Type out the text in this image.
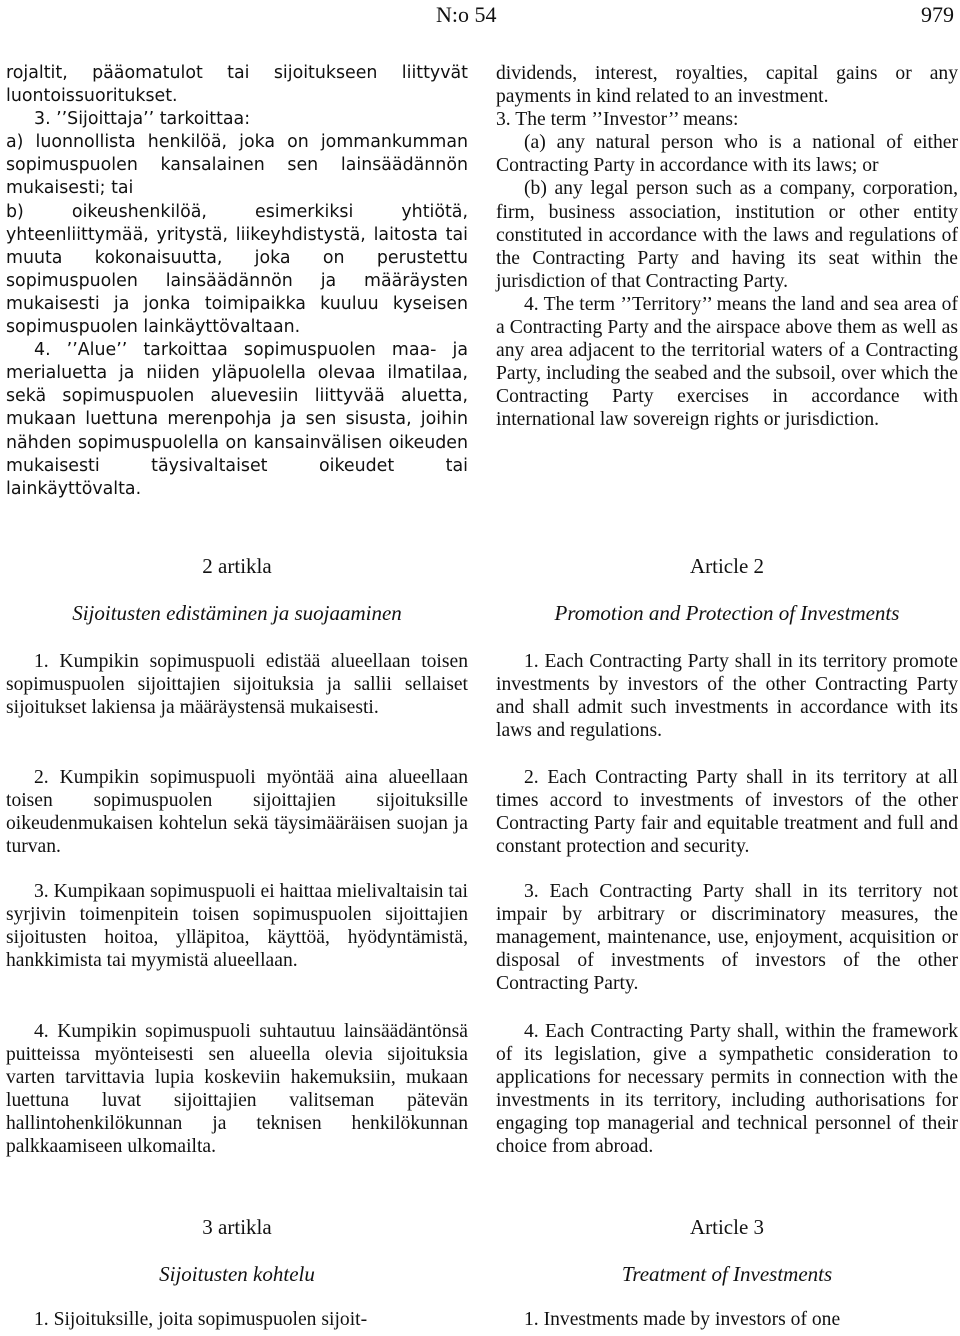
N:o 54	979

rojaltit, pääomatulot tai sijoitukseen liittyvät luontoissuoritukset.

3. ’’Sijoittaja’’ tarkoittaa:

a) luonnollista henkilöä, joka on jommankumman sopimuspuolen kansalainen sen lainsäädännön mukaisesti; tai

b) oikeushenkilöä, esimerkiksi yhtiötä, yhteenliittymää, yritystä, liikeyhdistystä, laitosta tai muuta kokonaisuutta, joka on perustettu sopimuspuolen lainsäädännön ja määräysten mukaisesti ja jonka toimipaikka kuuluu kyseisen sopimuspuolen lainkäyttövaltaan.

4. ’’Alue’’ tarkoittaa sopimuspuolen maa- ja merialuetta ja niiden yläpuolella olevaa ilmatilaa, sekä sopimuspuolen aluevesiin liittyvää aluetta, mukaan luettuna merenpohja ja sen sisusta, joihin nähden sopimuspuolella on kansainvälisen oikeuden mukaisesti täysivaltaiset oikeudet tai lainkäyttövalta.

2 artikla
Sijoitusten edistäminen ja suojaaminen

1. Kumpikin sopimuspuoli edistää alueellaan toisen sopimuspuolen sijoittajien sijoituksia ja sallii sellaiset sijoitukset lakiensa ja määräystensä mukaisesti.

2. Kumpikin sopimuspuoli myöntää aina alueellaan toisen sopimuspuolen sijoittajien sijoituksille oikeudenmukaisen kohtelun sekä täysimääräisen suojan ja turvan.

3. Kumpikaan sopimuspuoli ei haittaa mielivaltaisin tai syrjivin toimenpitein toisen sopimuspuolen sijoittajien sijoitusten hoitoa, ylläpitoa, käyttöä, hyödyntämistä, hankkimista tai myymistä alueellaan.

4. Kumpikin sopimuspuoli suhtautuu lainsäädäntönsä puitteissa myönteisesti sen alueella olevia sijoituksia varten tarvittavia lupia koskeviin hakemuksiin, mukaan luettuna luvat sijoittajien valitseman pätevän hallintohenkilökunnan ja teknisen henkilökunnan palkkaamiseen ulkomailta.

3 artikla
Sijoitusten kohtelu

1. Sijoituksille, joita sopimuspuolen sijoit-

dividends, interest, royalties, capital gains or any payments in kind related to an investment.

3. The term ’’Investor’’ means:

(a) any natural person who is a national of either Contracting Party in accordance with its laws; or

(b) any legal person such as a company, corporation, firm, business association, institution or other entity constituted in accordance with the laws and regulations of the Contracting Party and having its seat within the jurisdiction of that Contracting Party.

4. The term ’’Territory’’ means the land and sea area of a Contracting Party and the airspace above them as well as any area adjacent to the territorial waters of a Contracting Party, including the seabed and the subsoil, over which the Contracting Party exercises in accordance with international law sovereign rights or jurisdiction.

Article 2
Promotion and Protection of Investments

1. Each Contracting Party shall in its territory promote investments by investors of the other Contracting Party and shall admit such investments in accordance with its laws and regulations.

2. Each Contracting Party shall in its territory at all times accord to investments of investors of the other Contracting Party fair and equitable treatment and full and constant protection and security.

3. Each Contracting Party shall in its territory not impair by arbitrary or discriminatory measures, the management, maintenance, use, enjoyment, acquisition or disposal of investments of investors of the other Contracting Party.

4. Each Contracting Party shall, within the framework of its legislation, give a sympathetic consideration to applications for necessary permits in connection with the investments in its territory, including authorisations for engaging top managerial and technical personnel of their choice from abroad.

Article 3
Treatment of Investments

1. Investments made by investors of one
